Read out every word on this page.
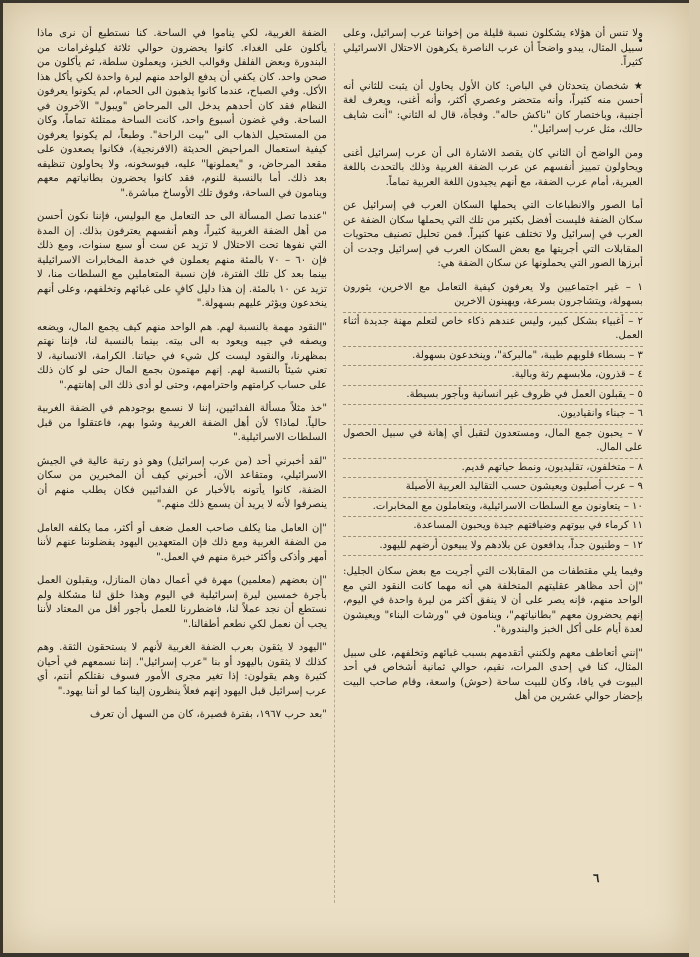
ولا تنس أن هؤلاء يشكلون نسبة قليلة من إخواننا عرب إسرائيل، وعلى سبيل المثال، يبدو واضحاً أن عرب الناصرة يكرهون الاحتلال الاسرائيلي كثيراً.

★ شخصان يتحدثان في الباص: كان الأول يحاول أن يثبت للثاني أنه أحسن منه كثيراً، وأنه متحضر وعصري أكثر، وأنه أغنى، ويعرف لغة أجنبية، وباختصار كان "ناكش حاله". وفجأة، قال له الثاني: "أنت شايف حالك، مثل عرب إسرائيل".

ومن الواضح أن الثاني كان يقصد الاشارة الى أن عرب إسرائيل أغنى ويحاولون تمييز أنفسهم عن عرب الضفة الغربية وذلك بالتحدث باللغة العبرية، أمام عرب الضفة، مع أنهم يجيدون اللغة العربية تماماً.

أما الصور والانطباعات التي يحملها السكان العرب في إسرائيل عن سكان الضفة فليست أفضل بكثير من تلك التي يحملها سكان الضفة عن العرب في إسرائيل ولا تختلف عنها كثيراً. فمن تحليل تصنيف محتويات المقابلات التي أجريتها مع بعض السكان العرب في إسرائيل وجدت أن أبرزها الصور التي يحملونها عن سكان الضفة هي:

١ – غير اجتماعيين ولا يعرفون كيفية التعامل مع الاخرين، يثورون بسهولة، ويتشاجرون بسرعة، ويهينون الاخرين

٢ – أغبياء بشكل كبير، وليس عندهم ذكاء خاص لتعلم مهنة جديدة أثناء العمل.

٣ – بسطاء قلوبهم طيبة، "مالبركة"، وينخدعون بسهولة.

٤ – قذرون، ملابسهم رثة وبالية.

٥ – يقبلون العمل في ظروف غير انسانية وبأجور بسيطة.

٦ – جبناء وانقياديون.

٧ – يحبون جمع المال، ومستعدون لتقبل أي إهانة في سبيل الحصول على المال.

٨ – متخلفون، تقليديون، ونمط حياتهم قديم.

٩ – عرب أصليون ويعيشون حسب التقاليد العربية الأصيلة

١٠ – يتعاونون مع السلطات الاسرائيلية، ويتعاملون مع المخابرات.

١١ كرماء في بيوتهم وضيافتهم جيدة ويحبون المساعدة.

١٢ – وطنيون جداً، يدافعون عن بلادهم ولا يبيعون أرضهم لليهود.

وفيما يلي مقتطفات من المقابلات التي أجريت مع بعض سكان الجليل: "إن أحد مظاهر عقليتهم المتخلفة هي أنه مهما كانت النقود التي مع الواحد منهم، فإنه يصر على أن لا ينفق أكثر من ليرة واحدة في اليوم، إنهم يحضرون معهم "بطانياتهم"، وينامون في "ورشات البناء" ويعيشون لعدة أيام على أكل الخبز والبندورة".

"إنني أتعاطف معهم ولكنني أتقدمهم بسبب غبائهم وتخلفهم، على سبيل المثال، كنا في إحدى المرات، نقيم، حوالي ثمانية أشخاص في أحد البيوت في يافا، وكان للبيت ساحة (حوش) واسعة، وقام صاحب البيت بإحضار حوالي عشرين من أهل

الضفة الغربية، لكي يناموا في الساحة. كنا نستطيع أن نرى ماذا يأكلون على الغداء. كانوا يحضرون حوالي ثلاثة كيلوغرامات من البندورة وبعض الفلفل وقوالب الخبز، ويعملون سلطة، ثم يأكلون من صحن واحد. كان يكفي أن يدفع الواحد منهم ليرة واحدة لكي يأكل هذا الأكل. وفي الصباح، عندما كانوا يذهبون الى الحمام، لم يكونوا يعرفون النظام فقد كان أحدهم يدخل الى المرحاض "ويبول" الآخرون في الساحة. وفي غضون أسبوع واحد، كانت الساحة ممتلئة تماماً، وكان من المستحيل الذهاب الى "بيت الراحة". وطبعاً، لم يكونوا يعرفون كيفية استعمال المراحيض الحديثة (الافرنجية)، فكانوا يصعدون على مقعد المرحاض، و "يعملونها" عليه، فيوسخونه، ولا يحاولون تنظيفه بعد ذلك. أما بالنسبة للنوم، فقد كانوا يحضرون بطانياتهم معهم وينامون في الساحة، وفوق تلك الأوساخ مباشرة."

"عندما تصل المسألة الى حد التعامل مع البوليس، فإننا نكون أحسن من أهل الضفة الغربية كثيراً، وهم أنفسهم يعترفون بذلك. إن المدة التي نفوها تحت الاحتلال لا تزيد عن ست أو سبع سنوات، ومع ذلك فإن ٦٠ – ٧٠ بالمئة منهم يعملون في خدمة المخابرات الاسرائيلية بينما بعد كل تلك الفترة، فإن نسبة المتعاملين مع السلطات منا، لا تزيد عن ١٠ بالمئة. إن هذا دليل كافٍ على غبائهم وتخلفهم، وعلى أنهم ينخدعون ويؤثر عليهم بسهولة."

"النقود مهمة بالنسبة لهم. هم الواحد منهم كيف يجمع المال، ويضعه ويصفه في جيبه ويعود به الى بيته. بينما بالنسبة لنا، فإننا نهتم بمظهرنا، والنقود ليست كل شيء في حياتنا. الكرامة، الانسانية، لا تعني شيئاً بالنسبة لهم. إنهم مهتمون بجمع المال حتى لو كان ذلك على حساب كرامتهم واحترامهم، وحتى لو أدى ذلك الى إهانتهم."

"خذ مثلاً مسألة الفدائيين، إننا لا نسمع بوجودهم في الضفة الغربية حالياً. لماذا؟ لأن أهل الضفة الغربية وشوا بهم، فاعتقلوا من قبل السلطات الاسرائيلية."

"لقد أخبرني أحد (من عرب إسرائيل) وهو ذو رتبة عالية في الجيش الاسرائيلي، ومتقاعد الآن، أخبرني كيف أن المخبرين من سكان الضفة، كانوا يأتونه بالأخبار عن الفدائيين فكان يطلب منهم أن ينصرفوا لأنه لا يريد أن يسمع ذلك منهم."

"إن العامل منا يكلف صاحب العمل ضعف أو أكثر، مما يكلفه العامل من الضفة الغربية ومع ذلك فإن المتعهدين اليهود يفضلوننا عنهم لأننا أمهر وأذكى وأكثر خبرة منهم في العمل."

"إن بعضهم (معلمين) مهرة في أعمال دهان المنازل، ويقبلون العمل بأجرة خمسين ليرة إسرائيلية في اليوم وهذا خلق لنا مشكلة ولم نستطع أن نجد عملاً لنا، فاضطررنا للعمل بأجور أقل من المعتاد لأننا يجب أن نعمل لكي نطعم أطفالنا."

"اليهود لا يثقون بعرب الضفة الغربية لأنهم لا يستحقون الثقة. وهم كذلك لا يثقون باليهود أو بنا "عرب إسرائيل". إننا نسمعهم في أحيان كثيرة وهم يقولون: إذا تغير مجرى الأمور فسوف نقتلكم أنتم، أي عرب إسرائيل قبل اليهود إنهم فعلاً ينظرون إلينا كما لو أننا يهود."

"بعد حرب ١٩٦٧، بفترة قصيرة، كان من السهل أن تعرف

٦
